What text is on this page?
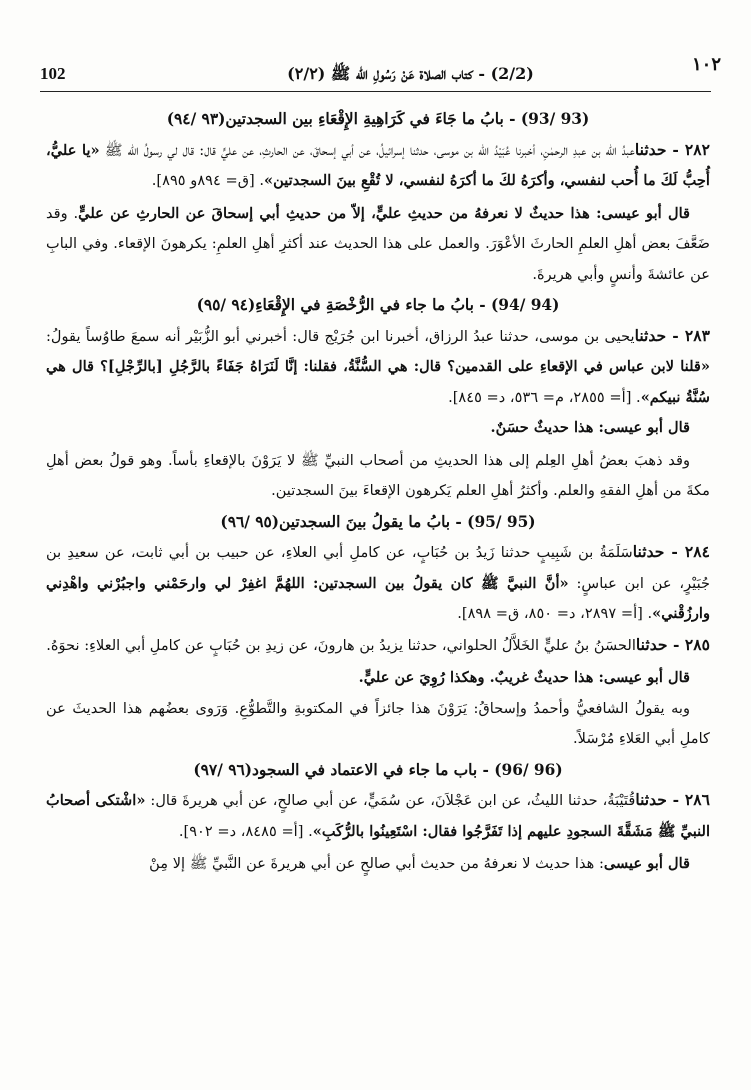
102	(2/2) - كتاب الصلاة عَنْ رَسُولِ الله ﷺ (٢/٢)	١٠٢

(93 /93) - بابُ ما جَاءَ في كَرَاهِيةِ الإِقْعَاءِ بين السجدتين(٩٣ /٩٤)

٢٨٢ - حدثناعبدُ الله بن عبدِ الرحمٰنِ، أخبرنا عُبَيْدُ الله بن موسى، حدثنا إسرائيلُ، عن أبي إسحاقَ، عن الحارثِ، عن عليٍّ قال: قال لي رسولُ الله ﷺ «يا عليُّ، أُحِبُّ لَكَ ما أُحب لنفسي، وأكرَهُ لكَ ما أكرَهُ لنفسي، لا تُقْعِ بينَ السجدتين». [ق= ٨٩٤و ٨٩٥].

قال أبو عيسى: هذا حديثٌ لا نعرفهُ من حديثِ عليٍّ، إلاّ من حديثِ أبي إسحاقَ عن الحارثِ عن عليٍّ. وقد ضَعَّفَ بعض أهلِ العلمِ الحارثَ الأعْوَرَ. والعمل على هذا الحديث عند أكثرِ أهلِ العلمِ: يكرهونَ الإقعاء. وفي البابِ عن عائشةَ وأنسٍ وأبي هريرةَ.

(94 /94) - بابُ ما جاء في الرُّخْصَةِ في الإِقْعَاءِ(٩٤ /٩٥)

٢٨٣ - حدثنايحيى بن موسى، حدثنا عبدُ الرزاق، أخبرنا ابن جُرَيْج قال: أخبرني أبو الزُّبَيْر أنه سمعَ طاوُساً يقولُ: «قلنا لابن عباس في الإقعاءِ على القدمين؟ قال: هي السُّنَّةُ، فقلنا: إنَّا لَنَرَاهُ جَفَاءً بالرَّجُلِ [بالرِّجْلِ]؟ قال هي سُنَّةُ نبيكم». [أ= ٢٨٥٥، م= ٥٣٦، د= ٨٤٥].

قال أبو عيسى: هذا حديثٌ حسَنٌ.

وقد ذهبَ بعضُ أهلِ العِلم إلى هذا الحديثِ من أصحاب النبيِّ ﷺ لا يَرَوْنَ بالإقعاءِ بأساً. وهو قولُ بعض أهلِ مكةَ من أهلِ الفقهِ والعلم. وأكثرُ أهلِ العلم يَكرهون الإقعاءَ بينَ السجدتين.

(95 /95) - بابُ ما يقولُ بينَ السجدتين(٩٥ /٩٦)

٢٨٤ - حدثناسَلَمَةُ بن شَبِيبٍ حدثنا زَيدُ بن حُبَابٍ، عن كاملِ أبي العلاءِ، عن حبيب بن أبي ثابت، عن سعيدِ بن جُبَيْرٍ، عن ابن عباسٍ: «أنَّ النبيَّ ﷺ كان يقولُ بين السجدتين: اللهُمَّ اغفِرْ لي وارحَمْني واجبُرْني واهْدِني وارزُقْني». [أ= ٢٨٩٧، د= ٨٥٠، ق= ٨٩٨].

٢٨٥ - حدثناالحسَنُ بنُ عليٍّ الخَلاَّلُ الحلواني، حدثنا يزيدُ بن هارونَ، عن زيدِ بن حُبَابٍ عن كاملِ أبي العلاءِ: نحوَهُ.

قال أبو عيسى: هذا حديثٌ غريبٌ. وهكذا رُوِيَ عن عليٍّ.

وبه يقولُ الشافعيُّ وأحمدُ وإسحاقُ: يَرَوْنَ هذا جائزاً في المكتوبةِ والتَّطوُّعِ. وَرَوى بعضُهم هذا الحديثَ عن كاملِ أبي العَلاءِ مُرْسَلاً.

(96 /96) - باب ما جاء في الاعتماد في السجود(٩٦ /٩٧)

٢٨٦ - حدثناقُتَيْبَةُ، حدثنا الليثُ، عن ابن عَجْلاَنَ، عن سُمَيٍّ، عن أبي صالحٍ، عن أبي هريرةَ قال: «اشْتكى أصحابُ النبيِّ ﷺ مَشَقَّةَ السجودِ عليهم إذا تَفَرَّجُوا فقال: اسْتَعِينُوا بالرُّكَبِ». [أ= ٨٤٨٥، د= ٩٠٢].

قال أبو عيسى: هذا حديث لا نعرفهُ من حديث أبي صالحٍ عن أبي هريرةَ عن النَّبيِّ ﷺ إلا مِنْ
